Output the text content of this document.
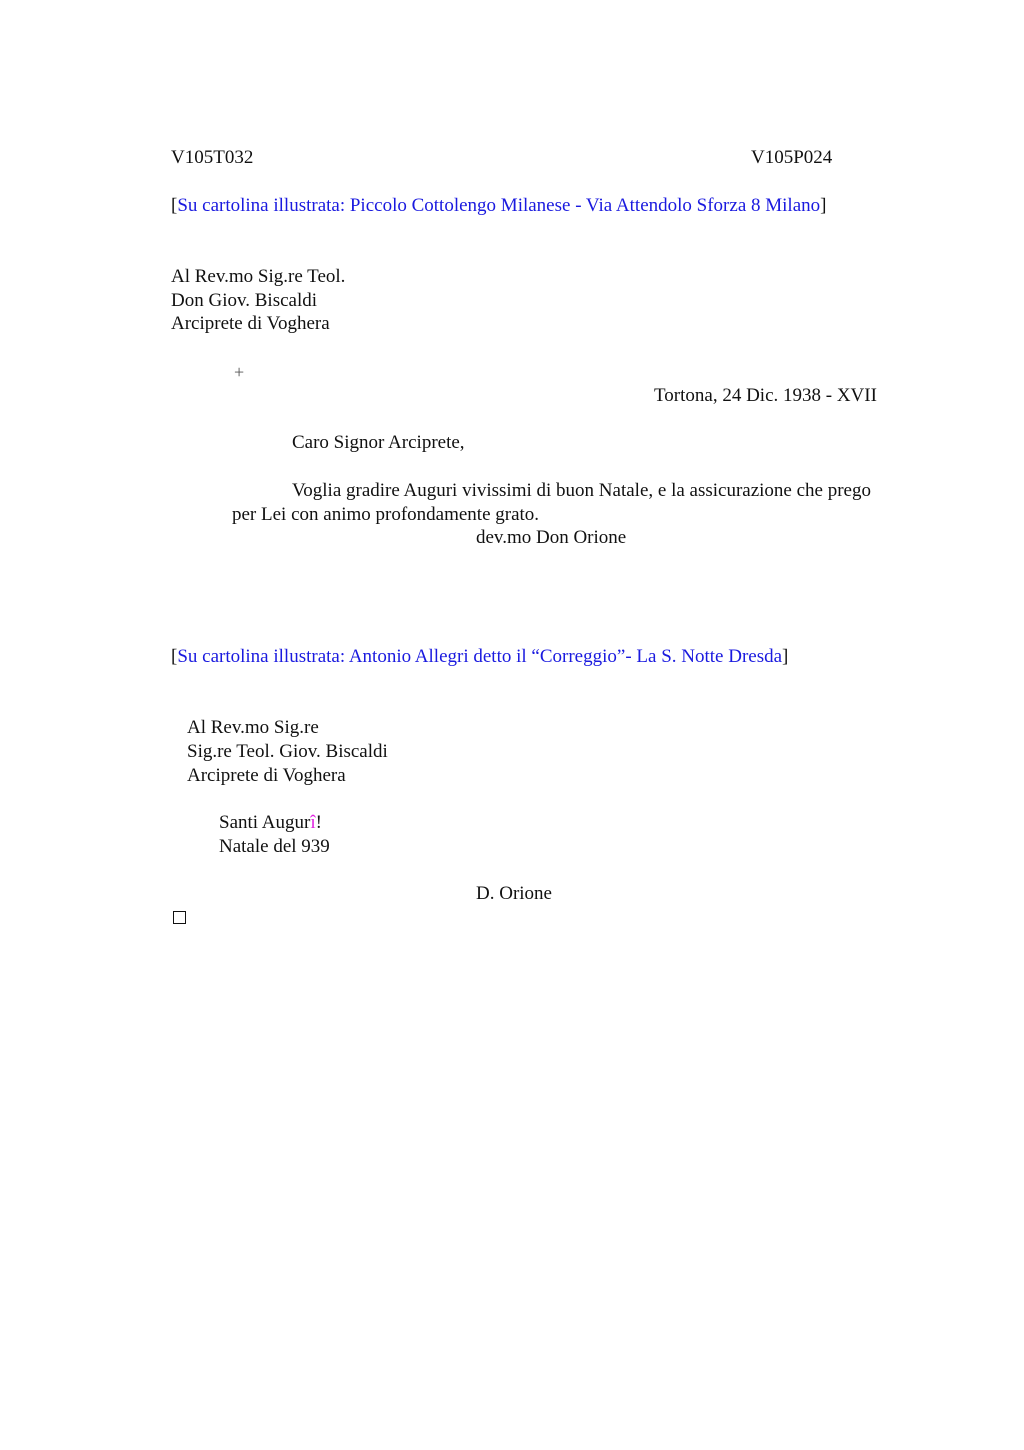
V105T032	V105P024
[Su cartolina illustrata: Piccolo Cottolengo Milanese - Via Attendolo Sforza 8 Milano]
Al Rev.mo Sig.re Teol.
Don Giov. Biscaldi
Arciprete di Voghera
+
Tortona, 24 Dic. 1938 - XVII
Caro Signor Arciprete,
Voglia gradire Auguri vivissimi di buon Natale, e la assicurazione che prego
per Lei con animo profondamente grato.
dev.mo Don Orione
[Su cartolina illustrata: Antonio Allegri detto il “Correggio”- La S. Notte Dresda]
Al Rev.mo Sig.re
Sig.re Teol. Giov. Biscaldi
Arciprete di Voghera
Santi Augurî!
Natale del 939
D. Orione
